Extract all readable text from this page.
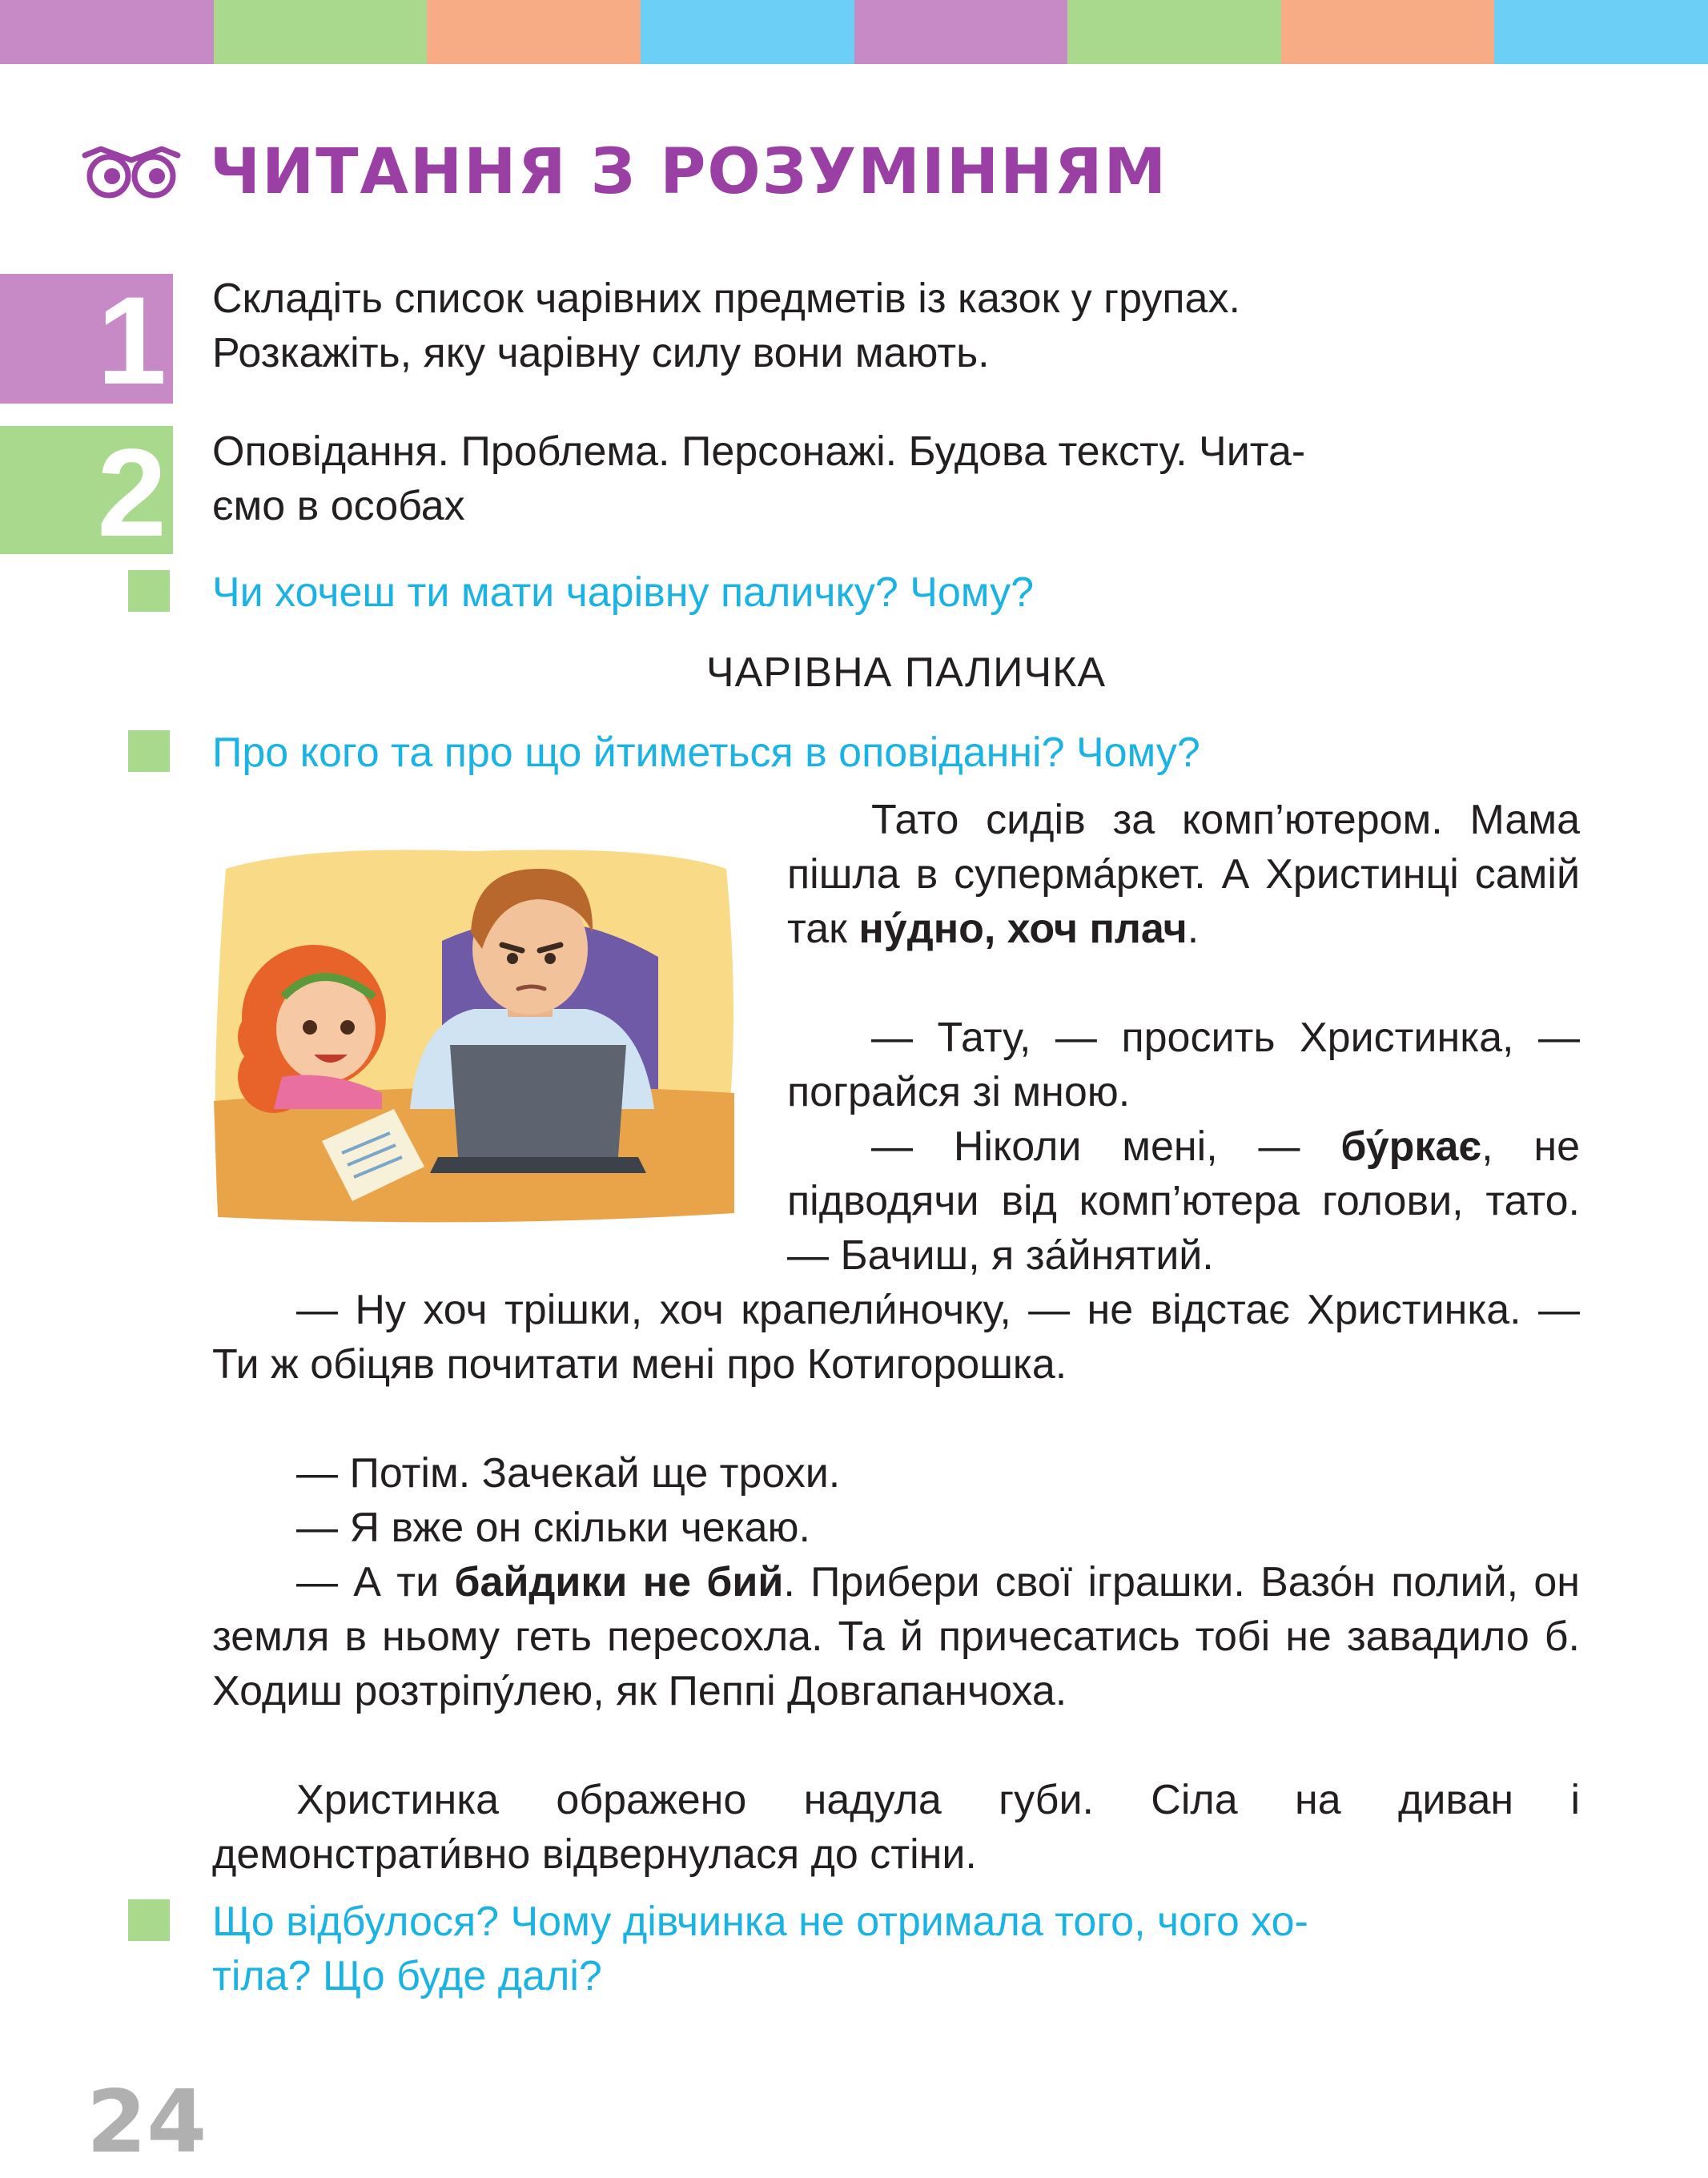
ЧИТАННЯ З РОЗУМІННЯМ
1 Складіть список чарівних предметів із казок у групах.

Розкажіть, яку чарівну силу вони мають.

2 Оповідання. Проблема. Персонажі. Будова тексту. Чита-

ємо в особах

Чи хочеш ти мати чарівну паличку? Чому?
ЧАРІВНА ПАЛИЧКА
Про кого та про що йтиметься в оповіданні? Чому?
Тато сидів за комп’ютером. Мама пішла в суперма́ркет. А Христинці самій так ну́дно, хоч плач.
— Тату, — просить Христинка, — пограйся зі мною.
— Ніколи мені, — бу́ркає, не підводячи від комп’ютера голови, тато. — Бачиш, я за́йнятий.
— Ну хоч трішки, хоч крапели́ночку, — не відстає Христинка. — Ти ж обіцяв почитати мені про Котигорошка.
— Потім. Зачекай ще трохи.
— Я вже он скільки чекаю.
— А ти байдики не бий. Прибери свої іграшки. Вазо́н полий, он земля в ньому геть пересохла. Та й причесатись тобі не завадило б. Ходиш розтріпу́лею, як Пеппі Довгапанчоха.
Христинка ображено надула губи. Сіла на диван і демонстрати́вно відвернулася до стіни.

Що відбулося? Чому дівчинка не отримала того, чого хо-

тіла? Що буде далі?

24
